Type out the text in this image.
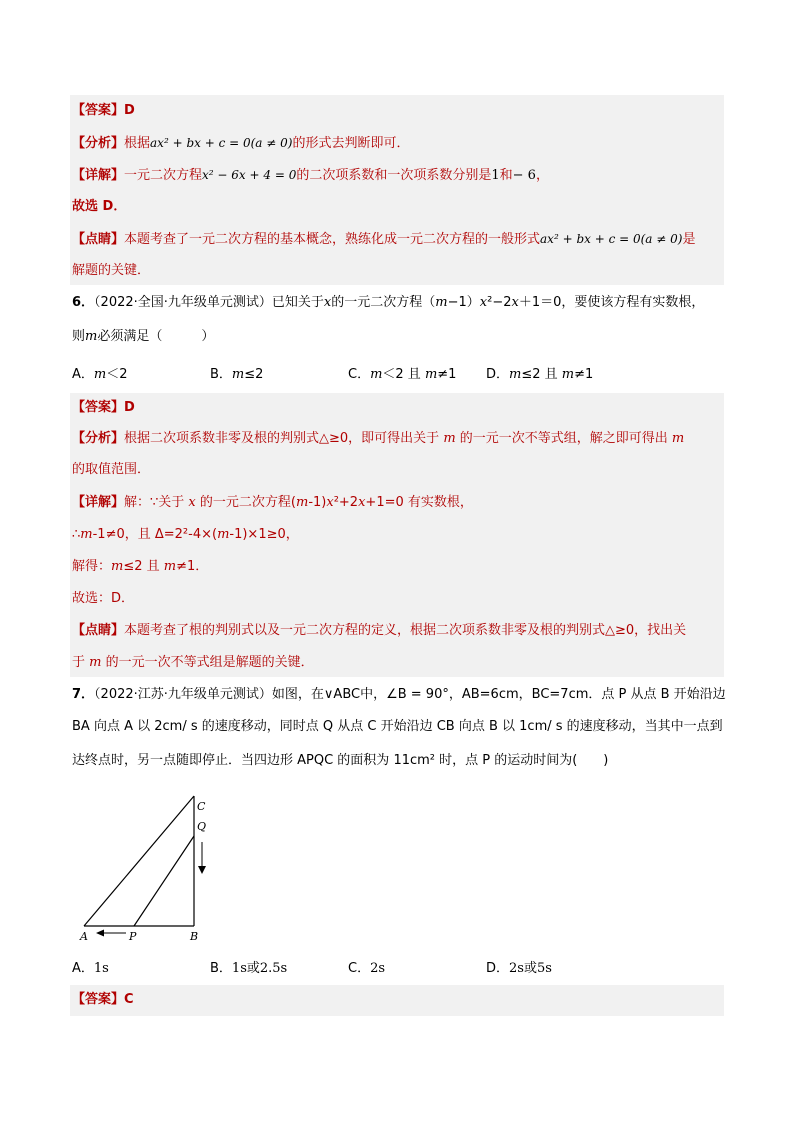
【答案】D
【分析】根据ax² + bx + c = 0(a ≠ 0)的形式去判断即可．
【详解】一元二次方程x² − 6x + 4 = 0的二次项系数和一次项系数分别是1和− 6，
故选 D．
【点睛】本题考查了一元二次方程的基本概念，熟练化成一元二次方程的一般形式ax² + bx + c = 0(a ≠ 0)是
解题的关键．
6．（2022·全国·九年级单元测试）已知关于x的一元二次方程（m−1）x²−2x＋1＝0，要使该方程有实数根，
则m必须满足（　　　）
A．m＜2	B．m≤2	C．m＜2 且 m≠1 D．m≤2 且 m≠1
【答案】D
【分析】根据二次项系数非零及根的判别式△≥0，即可得出关于 m 的一元一次不等式组，解之即可得出 m
的取值范围．
【详解】解：∵关于 x 的一元二次方程(m-1)x²+2x+1=0 有实数根，
∴m-1≠0，且 Δ=2²-4×(m-1)×1≥0，
解得：m≤2 且 m≠1．
故选：D．
【点睛】本题考查了根的判别式以及一元二次方程的定义，根据二次项系数非零及根的判别式△≥0，找出关
于 m 的一元一次不等式组是解题的关键．
7．（2022·江苏·九年级单元测试）如图，在∨ABC中，∠B = 90°，AB=6cm，BC=7cm．点 P 从点 B 开始沿边
BA 向点 A 以 2cm/ s 的速度移动，同时点 Q 从点 C 开始沿边 CB 向点 B 以 1cm/ s 的速度移动，当其中一点到
达终点时，另一点随即停止．当四边形 APQC 的面积为 11cm² 时，点 P 的运动时间为(　　)
C
Q
A	P	B
A．1s	B．1s或2.5s	C．2s	D．2s或5s
【答案】C
